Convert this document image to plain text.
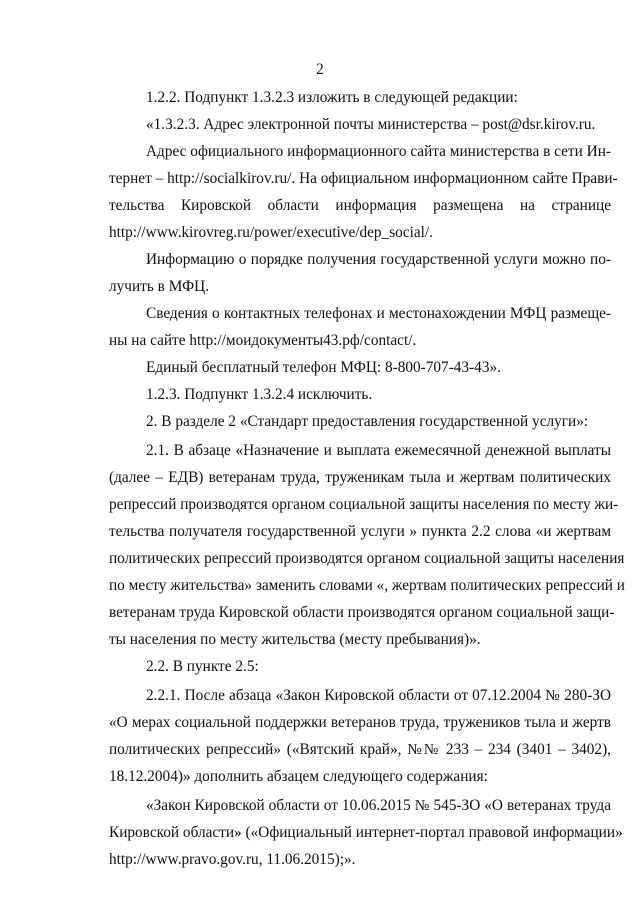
2
1.2.2. Подпункт 1.3.2.3 изложить в следующей редакции:
«1.3.2.3. Адрес электронной почты министерства – post@dsr.kirov.ru.
Адрес официального информационного сайта министерства в сети Ин-
тернет – http://socialkirov.ru/. На официальном информационном сайте Прави-
тельства Кировской области информация размещена на странице
http://www.kirovreg.ru/power/executive/dep_social/.
Информацию о порядке получения государственной услуги можно по-
лучить в МФЦ.
Сведения о контактных телефонах и местонахождении МФЦ размеще-
ны на сайте http://моидокументы43.рф/contact/.
Единый бесплатный телефон МФЦ: 8-800-707-43-43».
1.2.3. Подпункт 1.3.2.4 исключить.
2. В разделе 2 «Стандарт предоставления государственной услуги»:
2.1. В абзаце «Назначение и выплата ежемесячной денежной выплаты
(далее – ЕДВ) ветеранам труда, труженикам тыла и жертвам политических
репрессий производятся органом социальной защиты населения по месту жи-
тельства получателя государственной услуги » пункта 2.2 слова «и жертвам
политических репрессий производятся органом социальной защиты населения
по месту жительства» заменить словами «, жертвам политических репрессий и
ветеранам труда Кировской области производятся органом социальной защи-
ты населения по месту жительства (месту пребывания)».
2.2. В пункте 2.5:
2.2.1. После абзаца «Закон Кировской области от 07.12.2004 № 280-ЗО
«О мерах социальной поддержки ветеранов труда, тружеников тыла и жертв
политических репрессий» («Вятский край», №№ 233 – 234 (3401 – 3402),
18.12.2004)» дополнить абзацем следующего содержания:
«Закон Кировской области от 10.06.2015 № 545-ЗО «О ветеранах труда
Кировской области» («Официальный интернет-портал правовой информации»
http://www.pravo.gov.ru, 11.06.2015);».
